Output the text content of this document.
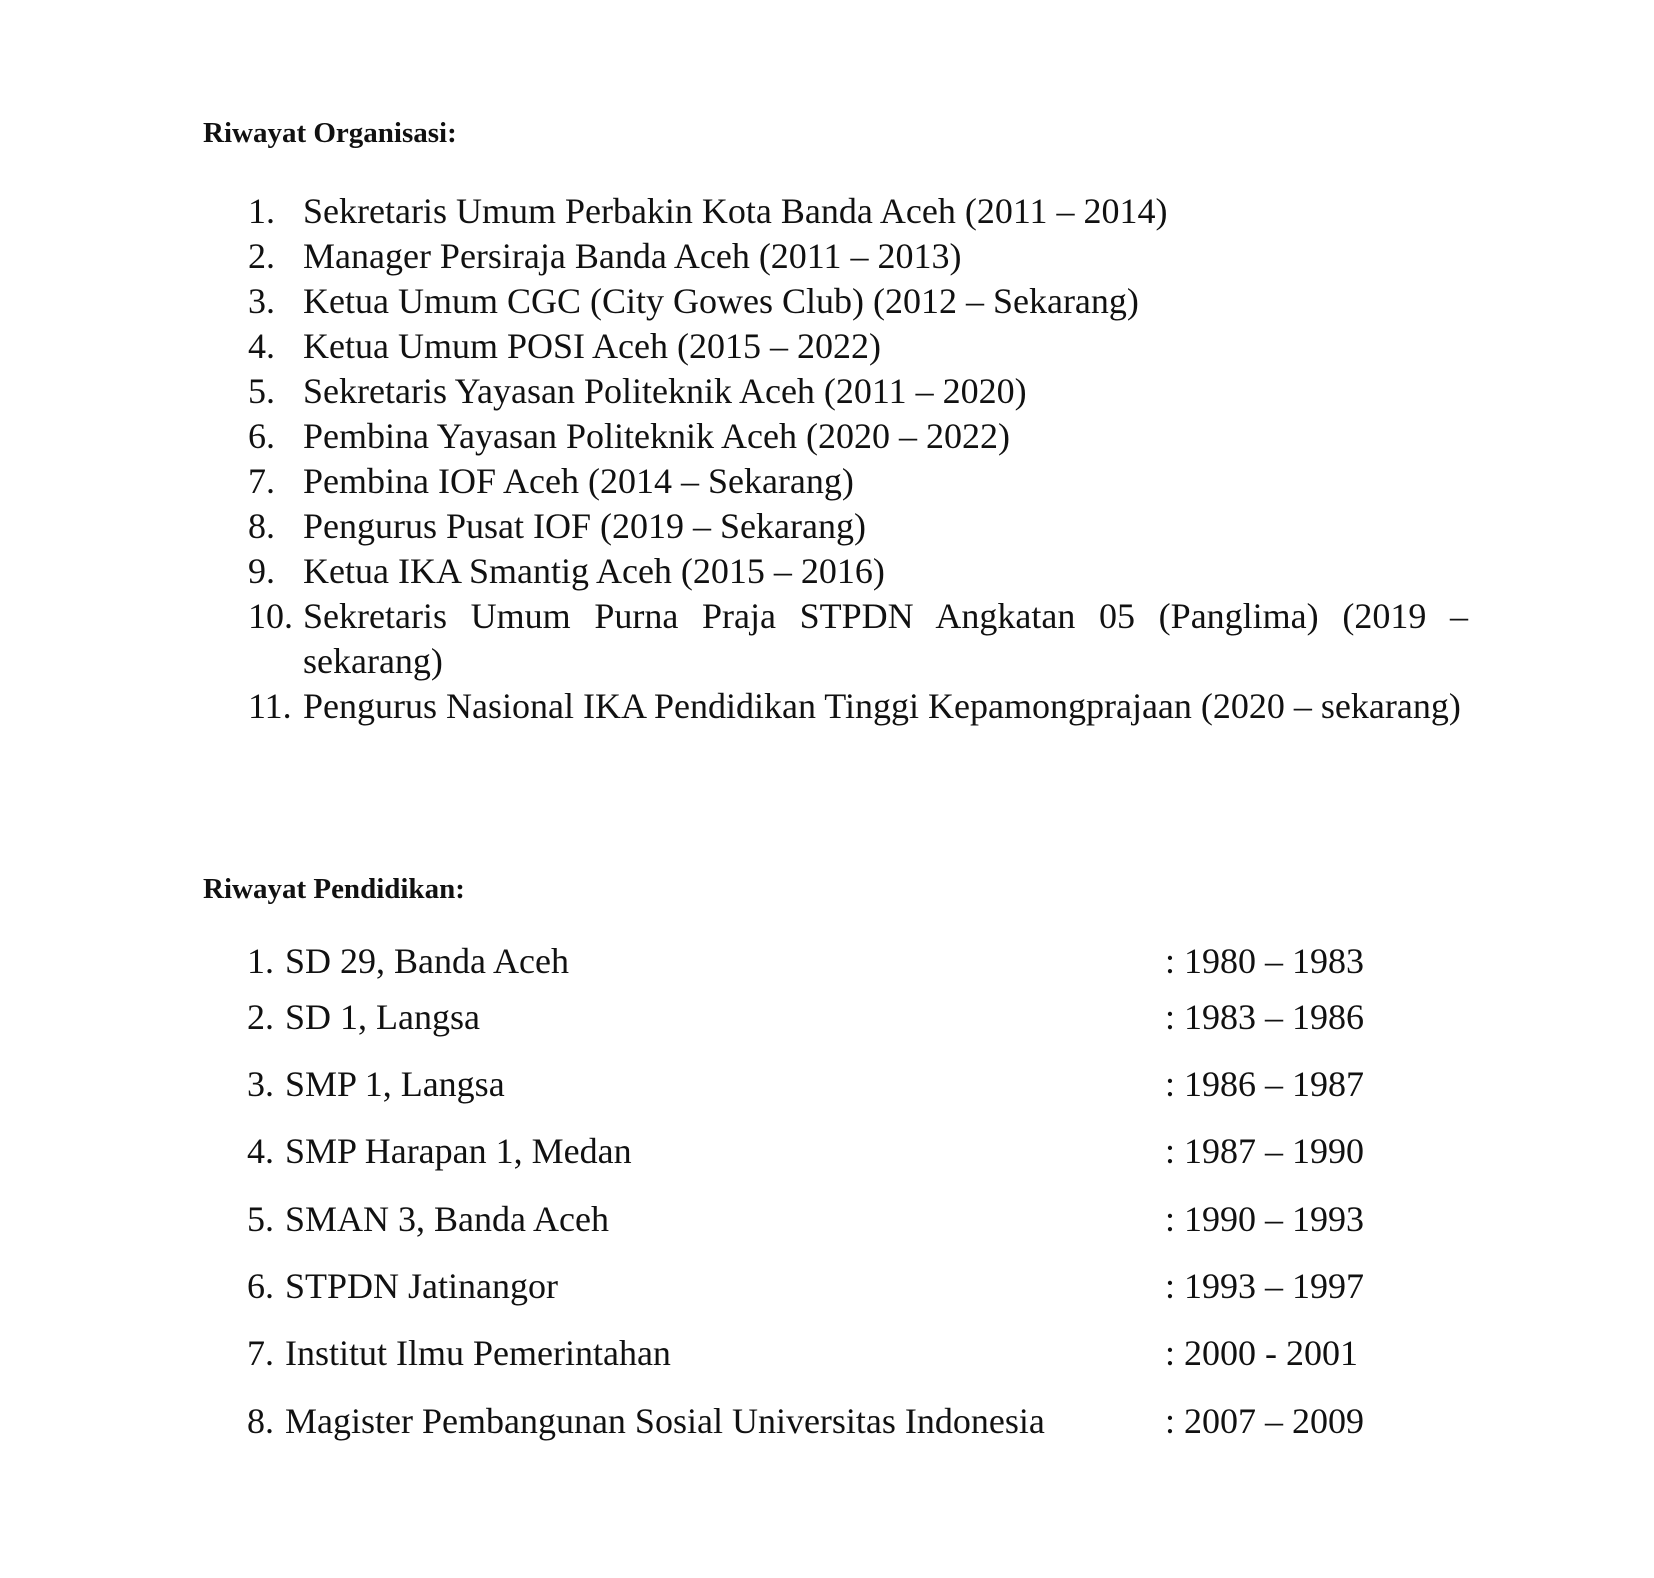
Riwayat Organisasi:
1. Sekretaris Umum Perbakin Kota Banda Aceh (2011 – 2014)
2. Manager Persiraja Banda Aceh (2011 – 2013)
3. Ketua Umum CGC (City Gowes Club) (2012 – Sekarang)
4. Ketua Umum POSI Aceh (2015 – 2022)
5. Sekretaris Yayasan Politeknik Aceh (2011 – 2020)
6. Pembina Yayasan Politeknik Aceh (2020 – 2022)
7. Pembina IOF Aceh (2014 – Sekarang)
8. Pengurus Pusat IOF (2019 – Sekarang)
9. Ketua IKA Smantig Aceh (2015 – 2016)
10. Sekretaris Umum Purna Praja STPDN Angkatan 05 (Panglima) (2019 – sekarang)
11. Pengurus Nasional IKA Pendidikan Tinggi Kepamongprajaan (2020 – sekarang)
Riwayat Pendidikan:
1. SD 29, Banda Aceh	: 1980 – 1983
2. SD 1, Langsa	: 1983 – 1986
3. SMP 1, Langsa	: 1986 – 1987
4. SMP Harapan 1, Medan	: 1987 – 1990
5. SMAN 3, Banda Aceh	: 1990 – 1993
6. STPDN Jatinangor	: 1993 – 1997
7. Institut Ilmu Pemerintahan	: 2000 - 2001
8. Magister Pembangunan Sosial Universitas Indonesia	: 2007 – 2009
